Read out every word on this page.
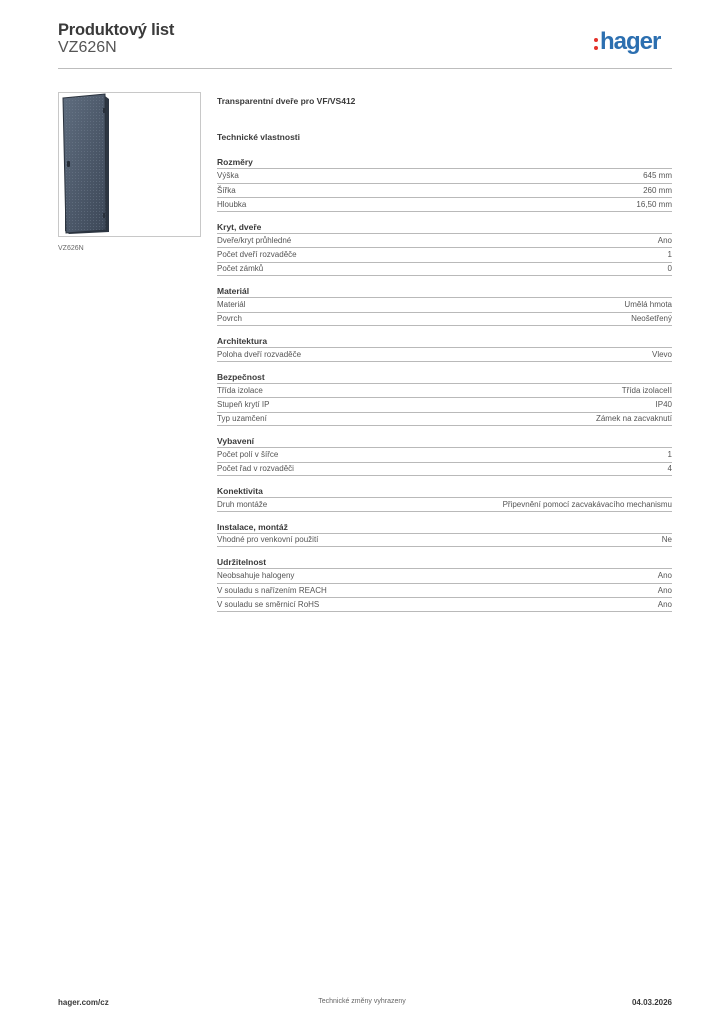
Produktový list
VZ626N	hager
VZ626N
Transparentní dveře pro VF/VS412
Technické vlastnosti
Rozměry
Výška	645 mm
Šířka	260 mm
Hloubka	16,50 mm
Kryt, dveře
Dveře/kryt průhledné	Ano
Počet dveří rozvaděče	1
Počet zámků	0
Materiál
Materiál	Umělá hmota
Povrch	Neošetřený
Architektura
Poloha dveří rozvaděče	Vlevo
Bezpečnost
Třída izolace	Třída izolaceII
Stupeň krytí IP	IP40
Typ uzamčení	Zámek na zacvaknutí
Vybavení
Počet polí v šířce	1
Počet řad v rozvaděči	4
Konektivita
Druh montáže	Připevnění pomocí zacvakávacího mechanismu
Instalace, montáž
Vhodné pro venkovní použití	Ne
Udržitelnost
Neobsahuje halogeny	Ano
V souladu s nařízením REACH	Ano
V souladu se směrnicí RoHS	Ano
hager.com/cz	Technické změny vyhrazeny	04.03.2026
